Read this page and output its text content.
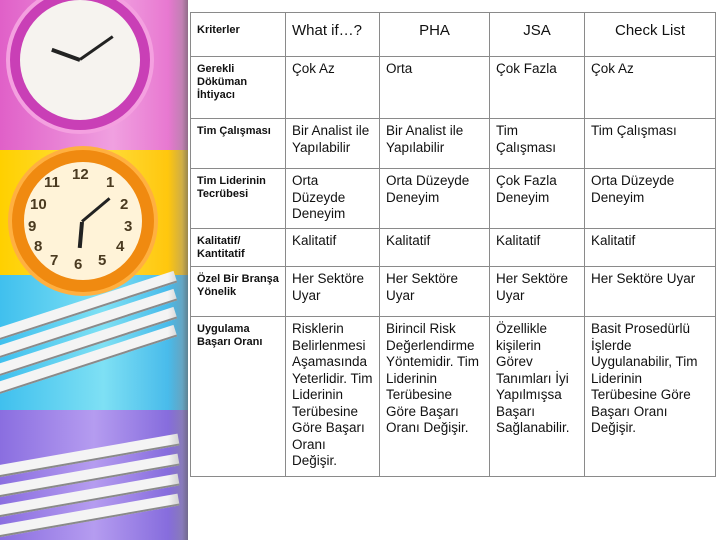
12
11	1
10	2
9	3
8	4
7 6 5
Kriterler	What if…?	PHA	JSA	Check List
Gerekli Döküman İhtiyacı	Çok Az	Orta	Çok Fazla	Çok Az
Tim Çalışması	Bir Analist ile Yapılabilir	Bir Analist ile Yapılabilir	Tim Çalışması	Tim Çalışması
Tim Liderinin Tecrübesi	Orta Düzeyde Deneyim	Orta Düzeyde Deneyim	Çok Fazla Deneyim	Orta Düzeyde Deneyim
Kalitatif/ Kantitatif	Kalitatif	Kalitatif	Kalitatif	Kalitatif
Özel Bir Branşa Yönelik	Her Sektöre Uyar	Her Sektöre Uyar	Her Sektöre Uyar	Her Sektöre Uyar
Uygulama Başarı Oranı	Risklerin Belirlenmesi Aşamasında Yeterlidir. Tim Liderinin Terübesine Göre Başarı Oranı Değişir.	Birincil Risk Değerlendirme Yöntemidir. Tim Liderinin Terübesine Göre Başarı Oranı Değişir.	Özellikle kişilerin Görev Tanımları İyi Yapılmışsa Başarı Sağlanabilir.	Basit Prosedürlü İşlerde Uygulanabilir, Tim Liderinin Terübesine Göre Başarı Oranı Değişir.
